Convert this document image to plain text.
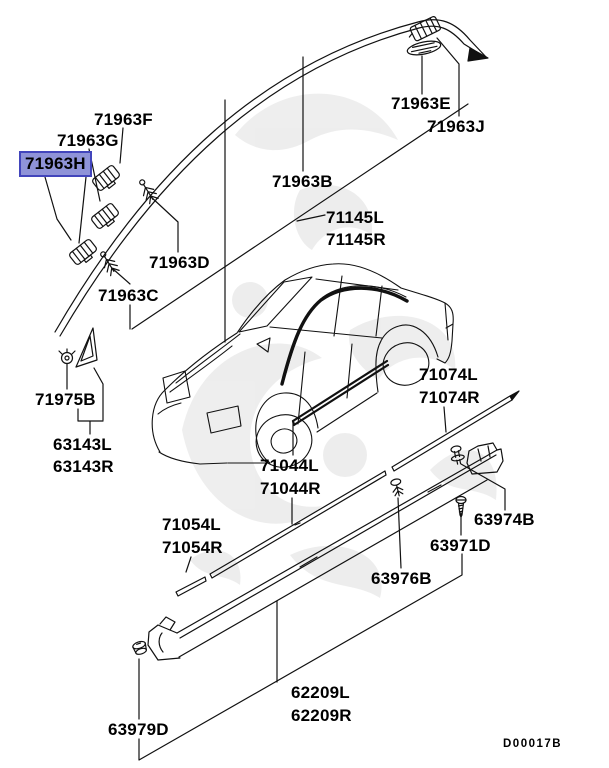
71963F
71963G
71963H
71963E
71963J
71963B
71145L
71145R
71963D
71963C
71975B
63143L
63143R
71074L
71074R
71044L
71044R
71054L
71054R
63974B
63971D
63976B
62209L
62209R
63979D
D00017B
